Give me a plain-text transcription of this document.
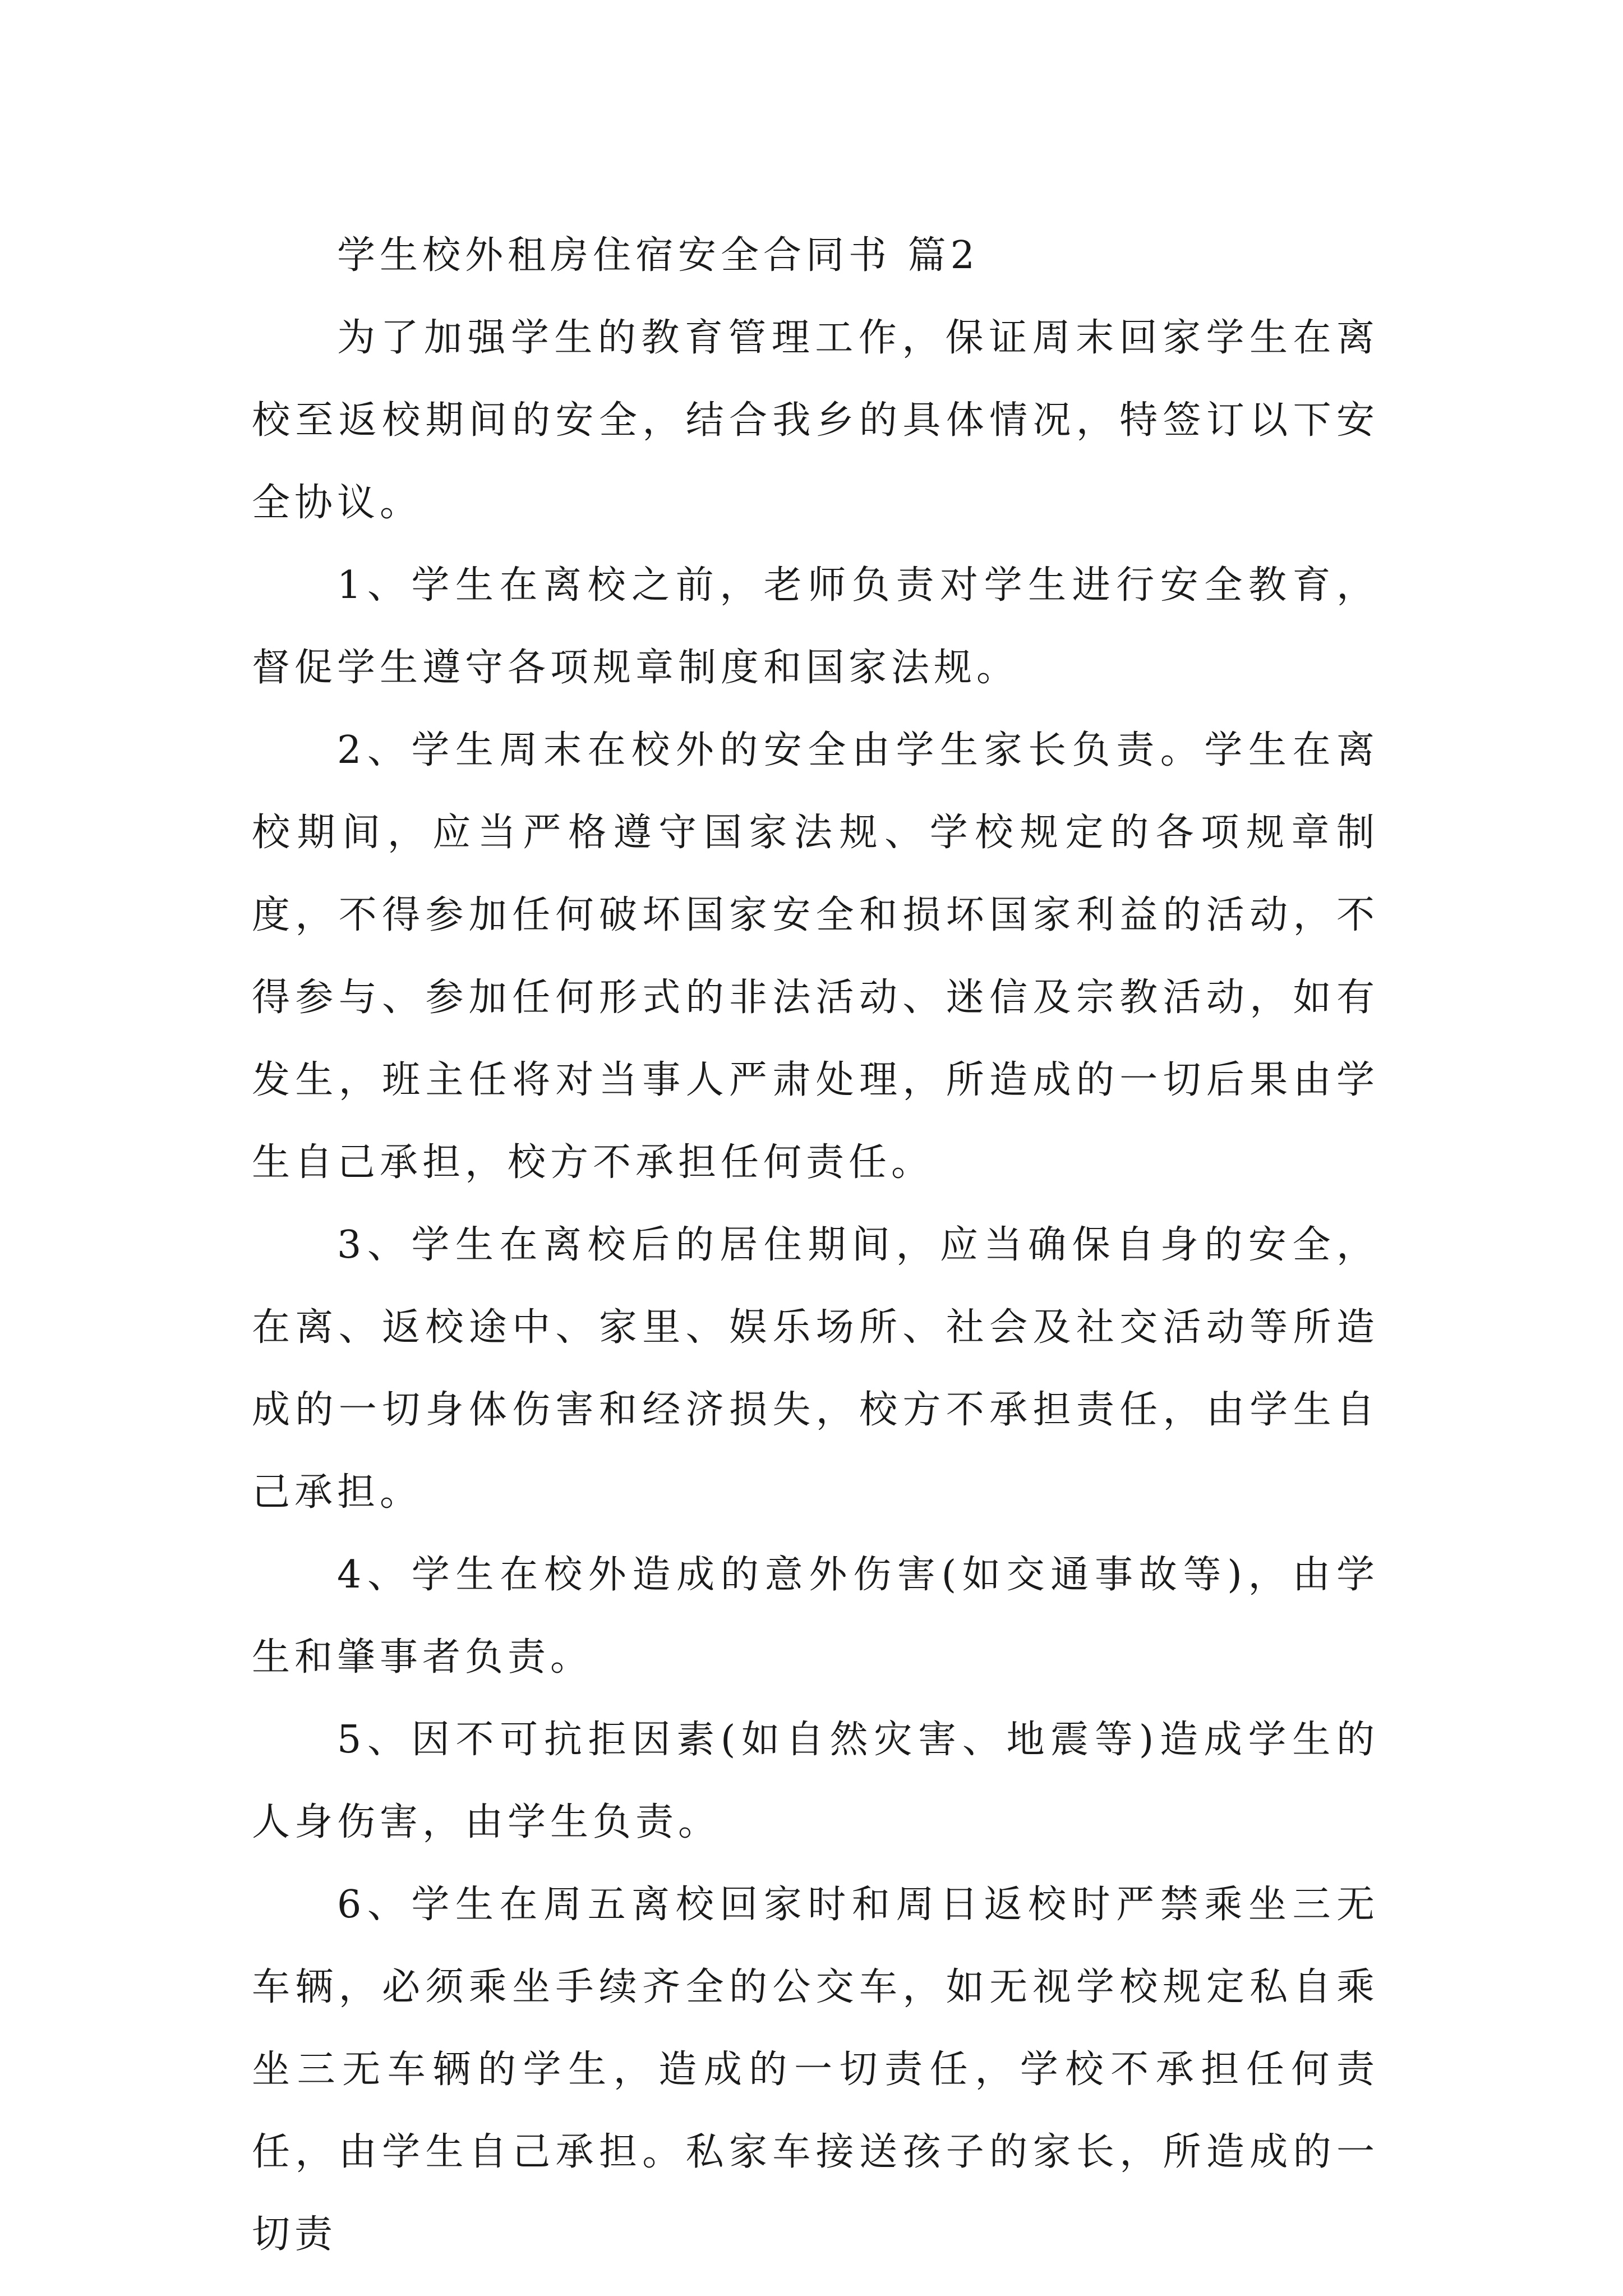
学生校外租房住宿安全合同书 篇2

为了加强学生的教育管理工作，保证周末回家学生在离校至返校期间的安全，结合我乡的具体情况，特签订以下安全协议。

1、学生在离校之前，老师负责对学生进行安全教育，督促学生遵守各项规章制度和国家法规。

2、学生周末在校外的安全由学生家长负责。学生在离校期间，应当严格遵守国家法规、学校规定的各项规章制度，不得参加任何破坏国家安全和损坏国家利益的活动，不得参与、参加任何形式的非法活动、迷信及宗教活动，如有发生，班主任将对当事人严肃处理，所造成的一切后果由学生自己承担，校方不承担任何责任。

3、学生在离校后的居住期间，应当确保自身的安全，在离、返校途中、家里、娱乐场所、社会及社交活动等所造成的一切身体伤害和经济损失，校方不承担责任，由学生自己承担。

4、学生在校外造成的意外伤害(如交通事故等)，由学生和肇事者负责。

5、因不可抗拒因素(如自然灾害、地震等)造成学生的人身伤害，由学生负责。

6、学生在周五离校回家时和周日返校时严禁乘坐三无车辆，必须乘坐手续齐全的公交车，如无视学校规定私自乘坐三无车辆的学生，造成的一切责任，学校不承担任何责任，由学生自己承担。私家车接送孩子的家长，所造成的一切责
